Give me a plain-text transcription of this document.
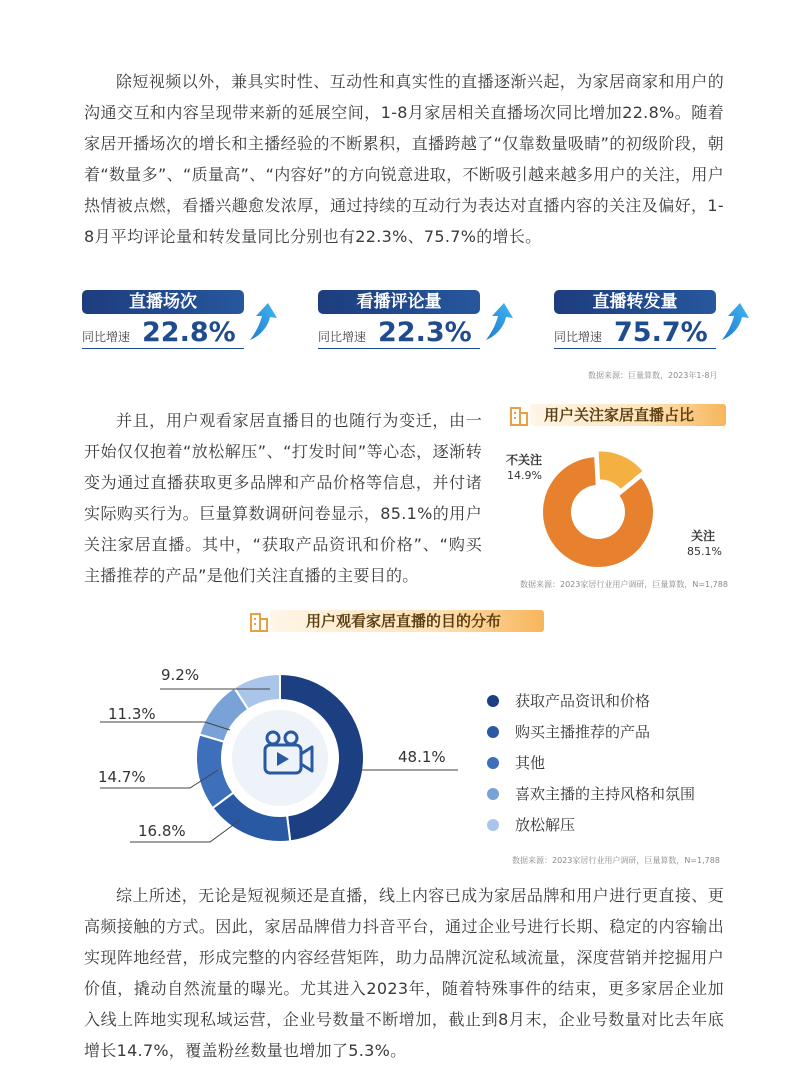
除短视频以外，兼具实时性、互动性和真实性的直播逐渐兴起，为家居商家和用户的沟通交互和内容呈现带来新的延展空间，1-8月家居相关直播场次同比增加22.8%。随着家居开播场次的增长和主播经验的不断累积，直播跨越了“仅靠数量吸睛”的初级阶段，朝着“数量多”、“质量高”、“内容好”的方向锐意进取，不断吸引越来越多用户的关注，用户热情被点燃，看播兴趣愈发浓厚，通过持续的互动行为表达对直播内容的关注及偏好，1-8月平均评论量和转发量同比分别也有22.3%、75.7%的增长。

直播场次
同比增速 22.8%
看播评论量
同比增速 22.3%
直播转发量
同比增速 75.7%
数据来源：巨量算数，2023年1-8月

并且，用户观看家居直播目的也随行为变迁，由一开始仅仅抱着“放松解压”、“打发时间”等心态，逐渐转变为通过直播获取更多品牌和产品价格等信息，并付诸实际购买行为。巨量算数调研问卷显示，85.1%的用户关注家居直播。其中，“获取产品资讯和价格”、“购买主播推荐的产品”是他们关注直播的主要目的。

用户关注家居直播占比
不关注
14.9%
关注
85.1%
数据来源：2023家居行业用户调研，巨量算数，N=1,788
用户观看家居直播的目的分布
9.2%
11.3%
14.7%
16.8%
48.1%
获取产品资讯和价格
购买主播推荐的产品
其他
喜欢主播的主持风格和氛围
放松解压
数据来源：2023家居行业用户调研，巨量算数，N=1,788

综上所述，无论是短视频还是直播，线上内容已成为家居品牌和用户进行更直接、更高频接触的方式。因此，家居品牌借力抖音平台，通过企业号进行长期、稳定的内容输出实现阵地经营，形成完整的内容经营矩阵，助力品牌沉淀私域流量，深度营销并挖掘用户价值，撬动自然流量的曝光。尤其进入2023年，随着特殊事件的结束，更多家居企业加入线上阵地实现私域运营，企业号数量不断增加，截止到8月末，企业号数量对比去年底增长14.7%，覆盖粉丝数量也增加了5.3%。
